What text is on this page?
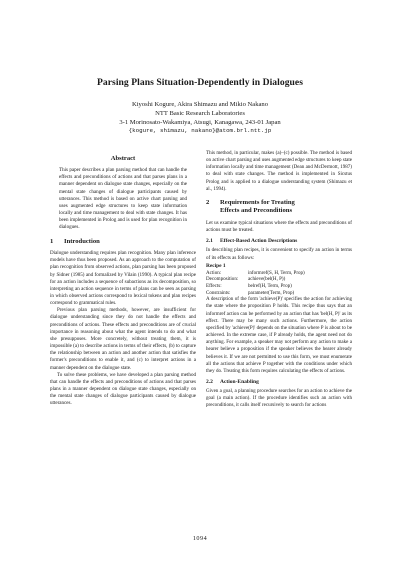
Parsing Plans Situation-Dependently in Dialogues
Kiyoshi Kogure, Akira Shimazu and Mikio Nakano
NTT Basic Research Laboratories
3-1 Morinosato-Wakamiya, Atsugi, Kanagawa, 243-01 Japan
{kogure, shimazu, nakano}@atom.brl.ntt.jp
Abstract

This paper describes a plan parsing method that can handle the effects and preconditions of actions and that parses plans in a manner dependent on dialogue state changes, especially on the mental state changes of dialogue participants caused by utterances. This method is based on active chart parsing and uses augmented edge structures to keep state information locally and time management to deal with state changes. It has been implemented in Prolog and is used for plan recognition in dialogues.

1	Introduction

Dialogue understanding requires plan recognition. Many plan inference models have thus been proposed. As an approach to the computation of plan recognition from observed actions, plan parsing has been proposed by Sidner (1985) and formalized by Vilain (1990). A typical plan recipe for an action includes a sequence of subactions as its decomposition, so interpreting an action sequence in terms of plans can be seen as parsing in which observed actions correspond to lexical tokens and plan recipes correspond to grammatical rules.

Previous plan parsing methods, however, are insufficient for dialogue understanding since they do not handle the effects and preconditions of actions. These effects and preconditions are of crucial importance in reasoning about what the agent intends to do and what she presupposes. More concretely, without treating them, it is impossible (a) to describe actions in terms of their effects, (b) to capture the relationship between an action and another action that satisfies the former's preconditions to enable it, and (c) to interpret actions in a manner dependent on the dialogue state.

To solve these problems, we have developed a plan parsing method that can handle the effects and preconditions of actions and that parses plans in a manner dependent on dialogue state changes, especially on the mental state changes of dialogue participants caused by dialogue utterances.

This method, in particular, makes (a)–(c) possible. The method is based on active chart parsing and uses augmented edge structures to keep state information locally and time management (Dean and McDermott, 1987) to deal with state changes. The method is implemented in Sicstus Prolog and is applied to a dialogue understanding system (Shimazu et al., 1994).

2	Requirements for Treating
Effects and Preconditions

Let us examine typical situations where the effects and preconditions of actions must be treated.

2.1	Effect-Based Action Descriptions

In describing plan recipes, it is convenient to specify an action in terms of its effects as follows:

Recipe 1
Action:	informref(S, H, Term, Prop)
Decomposition:	achieve(bel(H, P))
Effects:	belref(H, Term, Prop)
Constraints:	parameter(Term, Prop)

A description of the form 'achieve(P)' specifies the action for achieving the state where the proposition P holds. This recipe thus says that an informref action can be performed by an action that has 'bel(H, P)' as its effect. There may be many such actions. Furthermore, the action specified by 'achieve(P)' depends on the situation where P is about to be achieved. In the extreme case, if P already holds, the agent need not do anything. For example, a speaker may not perform any action to make a hearer believe a proposition if the speaker believes the hearer already believes it. If we are not permitted to use this form, we must enumerate all the actions that achieve P together with the conditions under which they do. Treating this form requires calculating the effects of actions.

2.2	Action-Enabling

Given a goal, a planning procedure searches for an action to achieve the goal (a main action). If the procedure identifies such an action with preconditions, it calls itself recursively to search for actions

1094
